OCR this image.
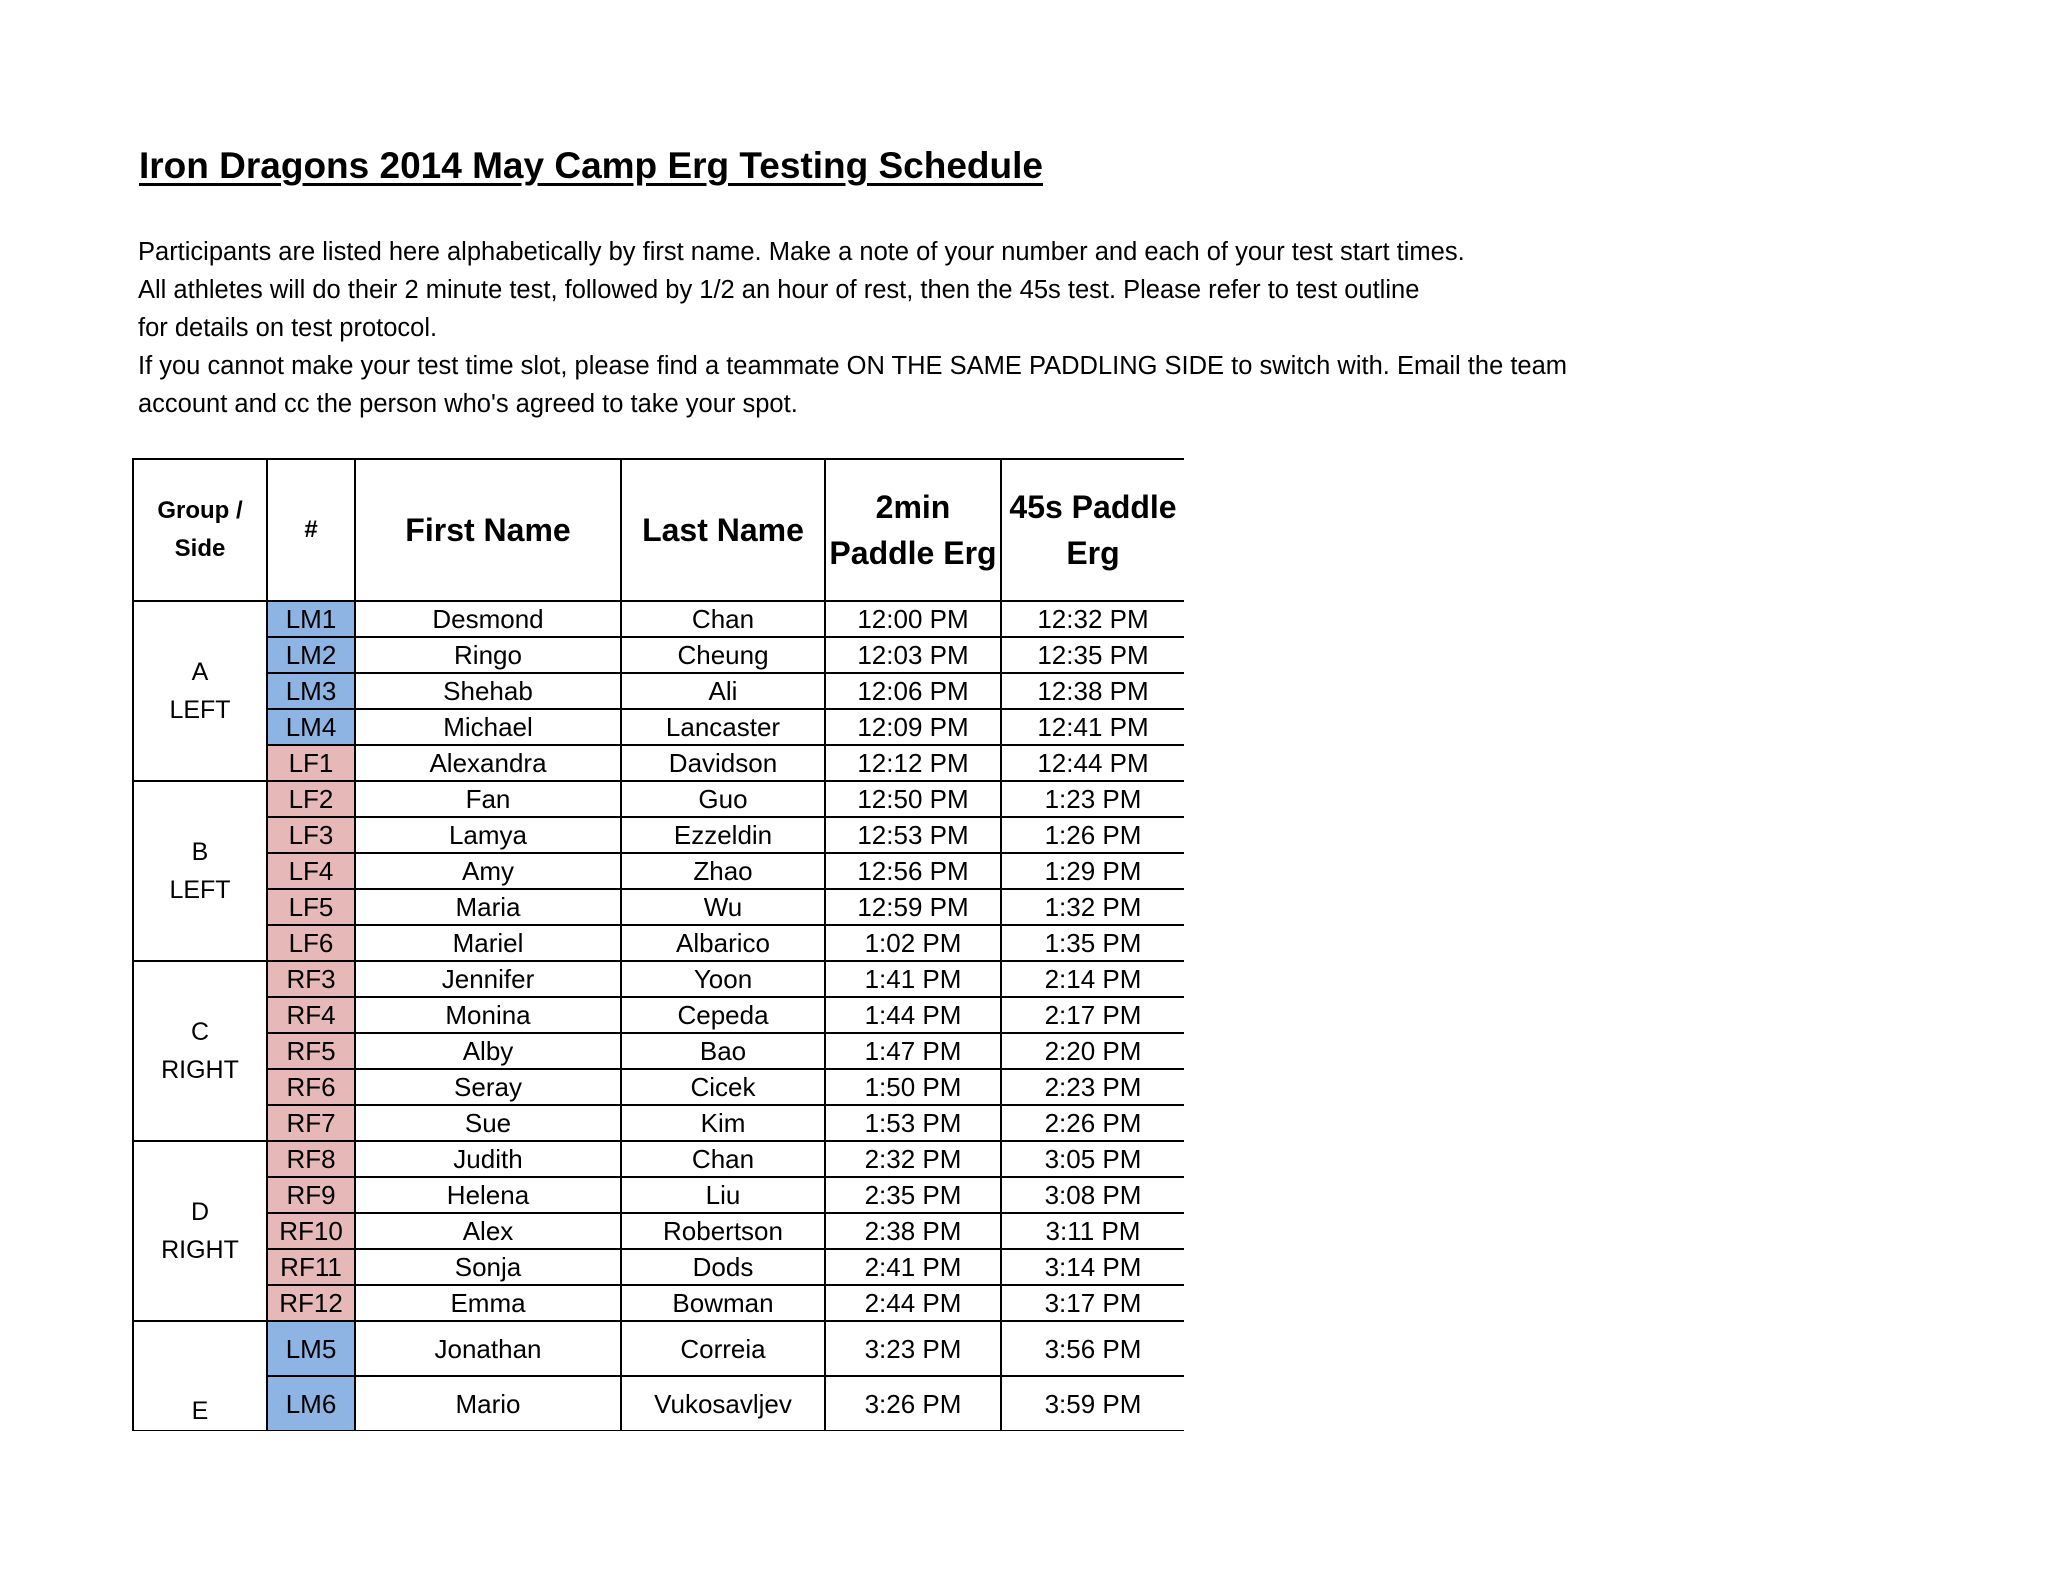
Iron Dragons 2014 May Camp Erg Testing Schedule
Participants are listed here alphabetically by first name. Make a note of your number and each of your test start times.
All athletes will do their 2 minute test, followed by 1/2 an hour of rest, then the 45s test. Please refer to test outline
for details on test protocol.
If you cannot make your test time slot, please find a teammate ON THE SAME PADDLING SIDE to switch with. Email the team
account and cc the person who's agreed to take your spot.
Group / Side	#	First Name	Last Name	2min Paddle Erg	45s Paddle Erg
A
LEFT	LM1	Desmond	Chan	12:00 PM	12:32 PM
	LM2	Ringo	Cheung	12:03 PM	12:35 PM
	LM3	Shehab	Ali	12:06 PM	12:38 PM
	LM4	Michael	Lancaster	12:09 PM	12:41 PM
	LF1	Alexandra	Davidson	12:12 PM	12:44 PM
B
LEFT	LF2	Fan	Guo	12:50 PM	1:23 PM
	LF3	Lamya	Ezzeldin	12:53 PM	1:26 PM
	LF4	Amy	Zhao	12:56 PM	1:29 PM
	LF5	Maria	Wu	12:59 PM	1:32 PM
	LF6	Mariel	Albarico	1:02 PM	1:35 PM
C
RIGHT	RF3	Jennifer	Yoon	1:41 PM	2:14 PM
	RF4	Monina	Cepeda	1:44 PM	2:17 PM
	RF5	Alby	Bao	1:47 PM	2:20 PM
	RF6	Seray	Cicek	1:50 PM	2:23 PM
	RF7	Sue	Kim	1:53 PM	2:26 PM
D
RIGHT	RF8	Judith	Chan	2:32 PM	3:05 PM
	RF9	Helena	Liu	2:35 PM	3:08 PM
	RF10	Alex	Robertson	2:38 PM	3:11 PM
	RF11	Sonja	Dods	2:41 PM	3:14 PM
	RF12	Emma	Bowman	2:44 PM	3:17 PM
E	LM5	Jonathan	Correia	3:23 PM	3:56 PM
	LM6	Mario	Vukosavljev	3:26 PM	3:59 PM
